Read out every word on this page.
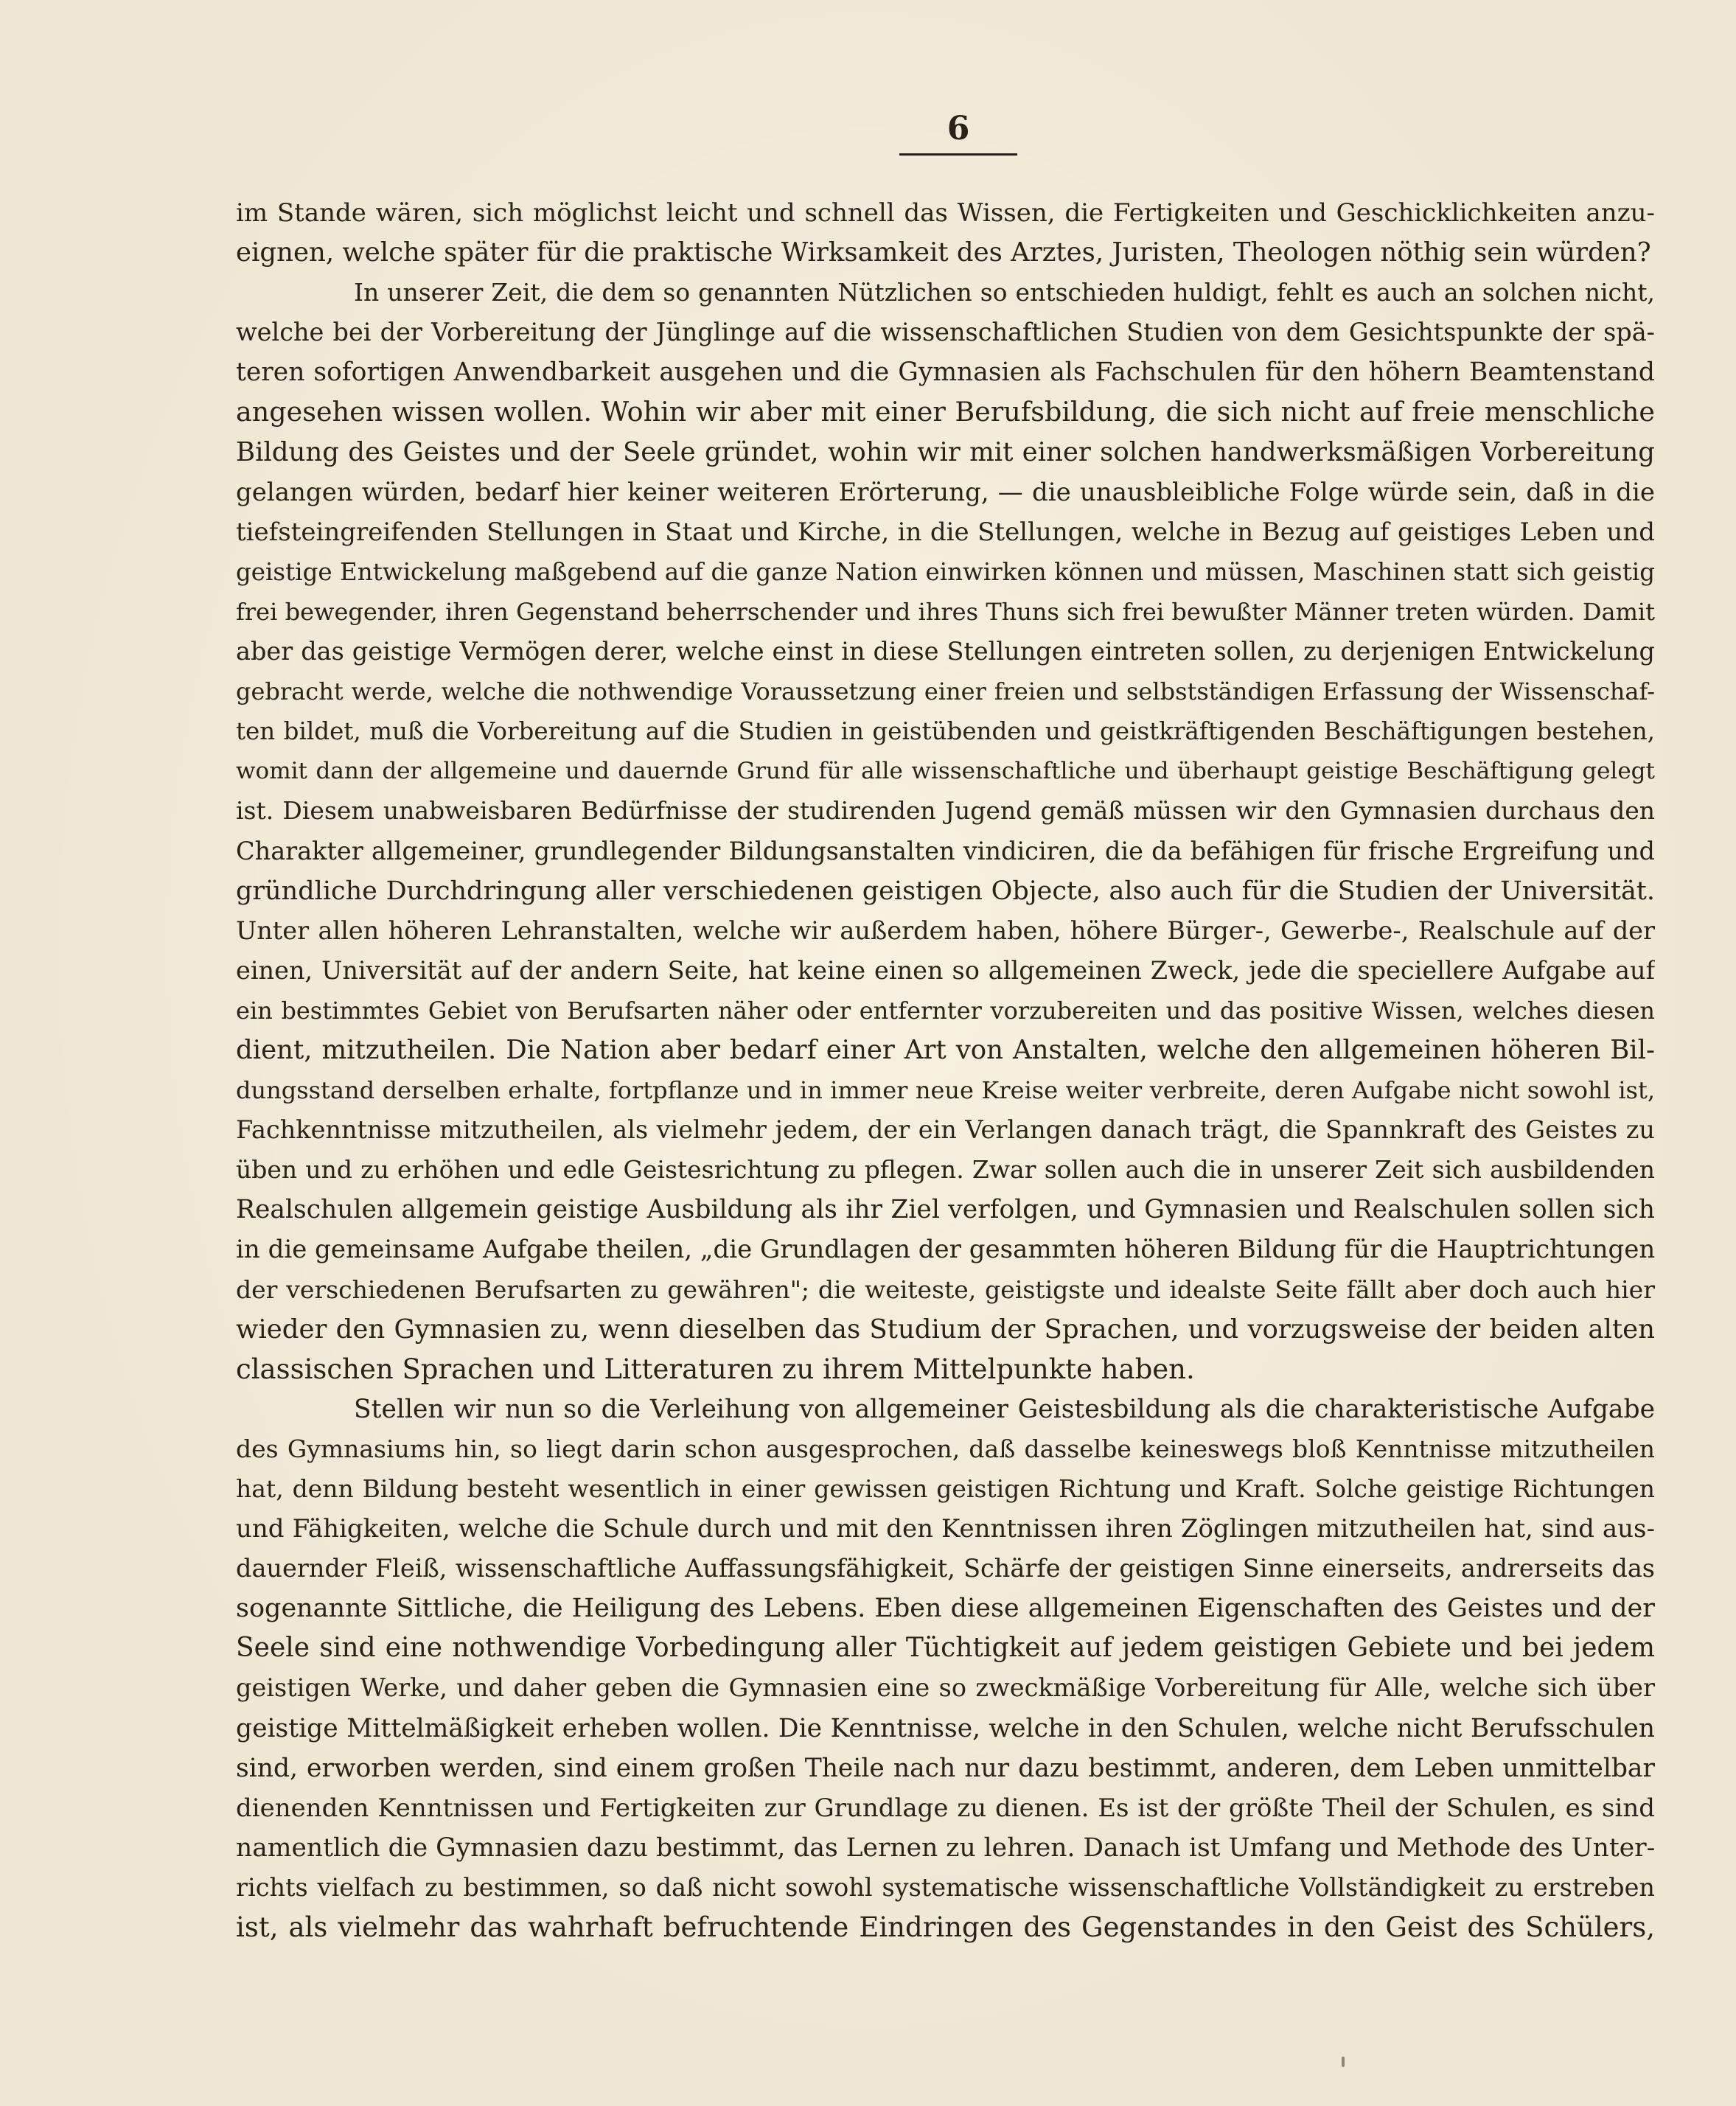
6
im Stande wären, sich möglichst leicht und schnell das Wissen, die Fertigkeiten und Geschicklichkeiten anzu-
eignen, welche später für die praktische Wirksamkeit des Arztes, Juristen, Theologen nöthig sein würden?
In unserer Zeit, die dem so genannten Nützlichen so entschieden huldigt, fehlt es auch an solchen nicht,
welche bei der Vorbereitung der Jünglinge auf die wissenschaftlichen Studien von dem Gesichtspunkte der spä-
teren sofortigen Anwendbarkeit ausgehen und die Gymnasien als Fachschulen für den höhern Beamtenstand
angesehen wissen wollen. Wohin wir aber mit einer Berufsbildung, die sich nicht auf freie menschliche
Bildung des Geistes und der Seele gründet, wohin wir mit einer solchen handwerksmäßigen Vorbereitung
gelangen würden, bedarf hier keiner weiteren Erörterung, — die unausbleibliche Folge würde sein, daß in die
tiefsteingreifenden Stellungen in Staat und Kirche, in die Stellungen, welche in Bezug auf geistiges Leben und
geistige Entwickelung maßgebend auf die ganze Nation einwirken können und müssen, Maschinen statt sich geistig
frei bewegender, ihren Gegenstand beherrschender und ihres Thuns sich frei bewußter Männer treten würden. Damit
aber das geistige Vermögen derer, welche einst in diese Stellungen eintreten sollen, zu derjenigen Entwickelung
gebracht werde, welche die nothwendige Voraussetzung einer freien und selbstständigen Erfassung der Wissenschaf-
ten bildet, muß die Vorbereitung auf die Studien in geistübenden und geistkräftigenden Beschäftigungen bestehen,
womit dann der allgemeine und dauernde Grund für alle wissenschaftliche und überhaupt geistige Beschäftigung gelegt
ist. Diesem unabweisbaren Bedürfnisse der studirenden Jugend gemäß müssen wir den Gymnasien durchaus den
Charakter allgemeiner, grundlegender Bildungsanstalten vindiciren, die da befähigen für frische Ergreifung und
gründliche Durchdringung aller verschiedenen geistigen Objecte, also auch für die Studien der Universität.
Unter allen höheren Lehranstalten, welche wir außerdem haben, höhere Bürger-, Gewerbe-, Realschule auf der
einen, Universität auf der andern Seite, hat keine einen so allgemeinen Zweck, jede die speciellere Aufgabe auf
ein bestimmtes Gebiet von Berufsarten näher oder entfernter vorzubereiten und das positive Wissen, welches diesen
dient, mitzutheilen. Die Nation aber bedarf einer Art von Anstalten, welche den allgemeinen höheren Bil-
dungsstand derselben erhalte, fortpflanze und in immer neue Kreise weiter verbreite, deren Aufgabe nicht sowohl ist,
Fachkenntnisse mitzutheilen, als vielmehr jedem, der ein Verlangen danach trägt, die Spannkraft des Geistes zu
üben und zu erhöhen und edle Geistesrichtung zu pflegen. Zwar sollen auch die in unserer Zeit sich ausbildenden
Realschulen allgemein geistige Ausbildung als ihr Ziel verfolgen, und Gymnasien und Realschulen sollen sich
in die gemeinsame Aufgabe theilen, „die Grundlagen der gesammten höheren Bildung für die Hauptrichtungen
der verschiedenen Berufsarten zu gewähren"; die weiteste, geistigste und idealste Seite fällt aber doch auch hier
wieder den Gymnasien zu, wenn dieselben das Studium der Sprachen, und vorzugsweise der beiden alten
classischen Sprachen und Litteraturen zu ihrem Mittelpunkte haben.
Stellen wir nun so die Verleihung von allgemeiner Geistesbildung als die charakteristische Aufgabe
des Gymnasiums hin, so liegt darin schon ausgesprochen, daß dasselbe keineswegs bloß Kenntnisse mitzutheilen
hat, denn Bildung besteht wesentlich in einer gewissen geistigen Richtung und Kraft. Solche geistige Richtungen
und Fähigkeiten, welche die Schule durch und mit den Kenntnissen ihren Zöglingen mitzutheilen hat, sind aus-
dauernder Fleiß, wissenschaftliche Auffassungsfähigkeit, Schärfe der geistigen Sinne einerseits, andrerseits das
sogenannte Sittliche, die Heiligung des Lebens. Eben diese allgemeinen Eigenschaften des Geistes und der
Seele sind eine nothwendige Vorbedingung aller Tüchtigkeit auf jedem geistigen Gebiete und bei jedem
geistigen Werke, und daher geben die Gymnasien eine so zweckmäßige Vorbereitung für Alle, welche sich über
geistige Mittelmäßigkeit erheben wollen. Die Kenntnisse, welche in den Schulen, welche nicht Berufsschulen
sind, erworben werden, sind einem großen Theile nach nur dazu bestimmt, anderen, dem Leben unmittelbar
dienenden Kenntnissen und Fertigkeiten zur Grundlage zu dienen. Es ist der größte Theil der Schulen, es sind
namentlich die Gymnasien dazu bestimmt, das Lernen zu lehren. Danach ist Umfang und Methode des Unter-
richts vielfach zu bestimmen, so daß nicht sowohl systematische wissenschaftliche Vollständigkeit zu erstreben
ist, als vielmehr das wahrhaft befruchtende Eindringen des Gegenstandes in den Geist des Schülers,
